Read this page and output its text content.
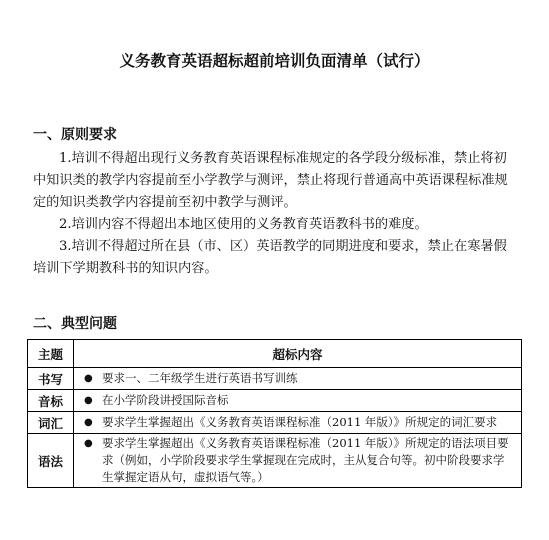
义务教育英语超标超前培训负面清单（试行）
一、原则要求
1.培训不得超出现行义务教育英语课程标准规定的各学段分级标准，禁止将初中知识类的教学内容提前至小学教学与测评，禁止将现行普通高中英语课程标准规定的知识类教学内容提前至初中教学与测评。
2.培训内容不得超出本地区使用的义务教育英语教科书的难度。
3.培训不得超过所在县（市、区）英语教学的同期进度和要求，禁止在寒暑假培训下学期教科书的知识内容。
二、典型问题
主题	超标内容
书写	● 要求一、二年级学生进行英语书写训练

音标	● 在小学阶段讲授国际音标

词汇	● 要求学生掌握超出《义务教育英语课程标准（2011 年版）》所规定的词汇要求

语法	● 要求学生掌握超出《义务教育英语课程标准（2011 年版）》所规定的语法项目要求（例如，小学阶段要求学生掌握现在完成时，主从复合句等。初中阶段要求学生掌握定语从句，虚拟语气等。）
